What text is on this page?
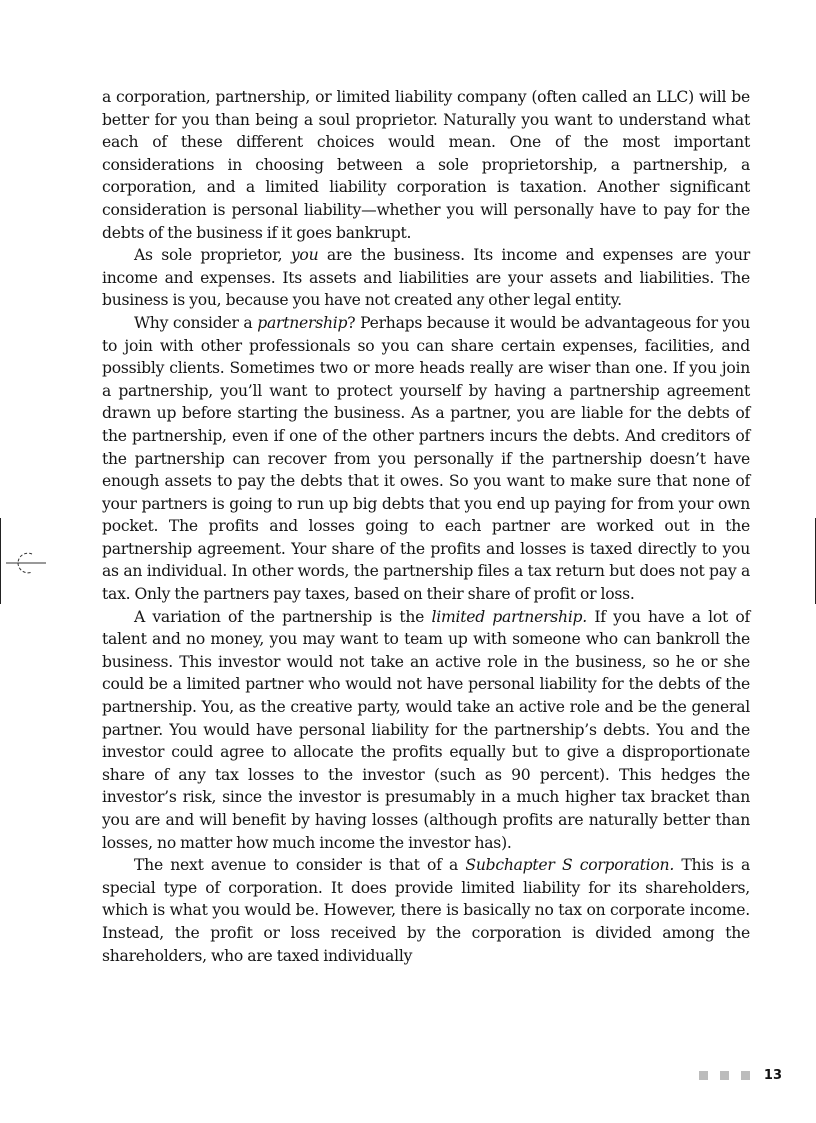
a corporation, partnership, or limited liability company (often called an LLC) will be better for you than being a soul proprietor. Naturally you want to understand what each of these different choices would mean. One of the most important considerations in choosing between a sole proprietorship, a partnership, a corporation, and a limited liability corporation is taxation. Another significant consideration is personal liability—whether you will personally have to pay for the debts of the business if it goes bankrupt.

As sole proprietor, you are the business. Its income and expenses are your income and expenses. Its assets and liabilities are your assets and liabilities. The business is you, because you have not created any other legal entity.

Why consider a partnership? Perhaps because it would be advantageous for you to join with other professionals so you can share certain expenses, facilities, and possibly clients. Sometimes two or more heads really are wiser than one. If you join a partnership, you’ll want to protect yourself by having a partnership agreement drawn up before starting the business. As a partner, you are liable for the debts of the partnership, even if one of the other partners incurs the debts. And creditors of the partnership can recover from you personally if the partnership doesn’t have enough assets to pay the debts that it owes. So you want to make sure that none of your partners is going to run up big debts that you end up paying for from your own pocket. The profits and losses going to each partner are worked out in the partnership agreement. Your share of the profits and losses is taxed directly to you as an individual. In other words, the partnership files a tax return but does not pay a tax. Only the partners pay taxes, based on their share of profit or loss.

A variation of the partnership is the limited partnership. If you have a lot of talent and no money, you may want to team up with someone who can bankroll the business. This investor would not take an active role in the business, so he or she could be a limited partner who would not have personal liability for the debts of the partnership. You, as the creative party, would take an active role and be the general partner. You would have personal liability for the partnership’s debts. You and the investor could agree to allocate the profits equally but to give a disproportionate share of any tax losses to the investor (such as 90 percent). This hedges the investor’s risk, since the investor is presumably in a much higher tax bracket than you are and will benefit by having losses (although profits are naturally better than losses, no matter how much income the investor has).

The next avenue to consider is that of a Subchapter S corporation. This is a special type of corporation. It does provide limited liability for its shareholders, which is what you would be. However, there is basically no tax on corporate income. Instead, the profit or loss received by the corporation is divided among the shareholders, who are taxed individually

13
